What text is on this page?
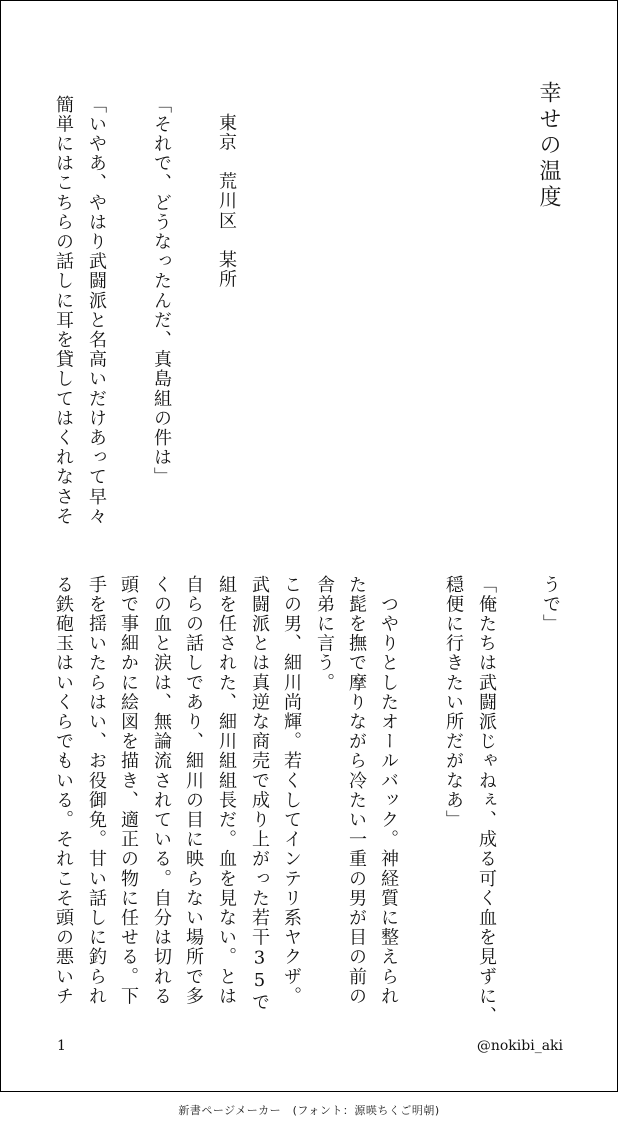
幸せの温度
東京　荒川区　某所
「それで、どうなったんだ、真島組の件は」
「いやあ、やはり武闘派と名高いだけあって早々
簡単にはこちらの話しに耳を貸してはくれなさそ
うで」
「俺たちは武闘派じゃねぇ、成る可く血を見ずに、
穏便に行きたい所だがなあ」
　つやりとしたオールバック。神経質に整えられ
た髭を撫で摩りながら冷たい一重の男が目の前の
舎弟に言う。
この男、細川尚輝。若くしてインテリ系ヤクザ。
武闘派とは真逆な商売で成り上がった若干35で
組を任された、細川組組長だ。血を見ない。とは
自らの話しであり、細川の目に映らない場所で多
くの血と涙は、無論流されている。自分は切れる
頭で事細かに絵図を描き、適正の物に任せる。下
手を揺いたらはい、お役御免。甘い話しに釣られ
る鉄砲玉はいくらでもいる。それこそ頭の悪いチ
1	@nokibi_aki
新書ページメーカー　(フォント：源暎ちくご明朝)
